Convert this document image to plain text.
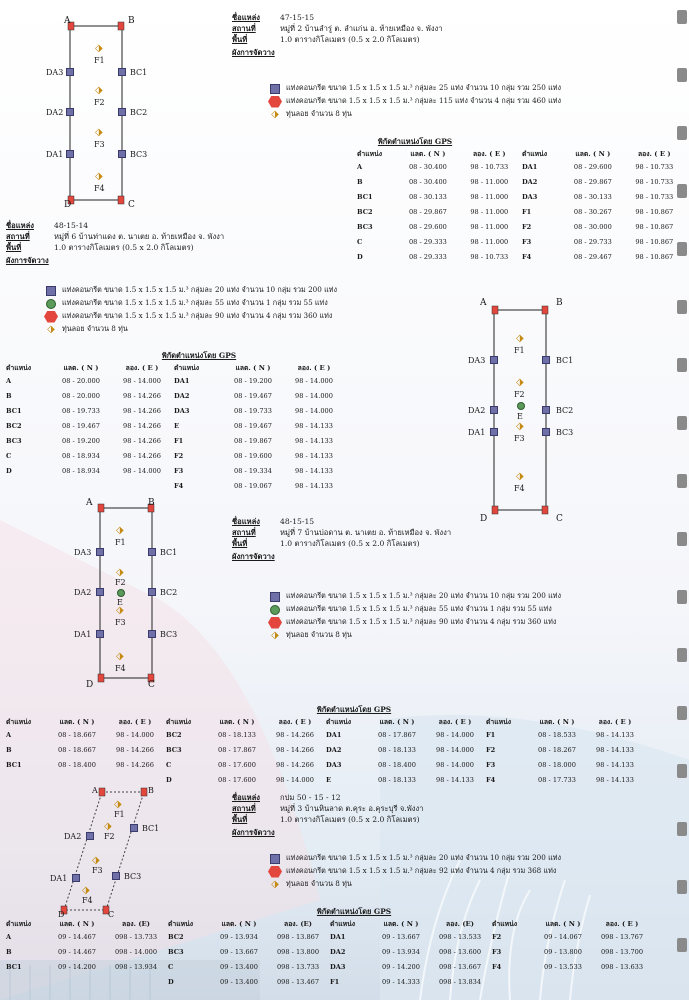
A	B
D	C
DA3
DA2
DA1
BC1
BC2
BC3
⬗
F1
⬗
F2
⬗
F3
⬗
F4
ชื่อแหล่ง	47-15-15
สถานที่	หมู่ที่ 2 บ้านลำรู่ ต. ลำแก่น อ. ท้ายเหมือง จ. พังงา
พื้นที่	1.0 ตารางกิโลเมตร (0.5 x 2.0 กิโลเมตร)
ผังการจัดวาง
แท่งคอนกรีต ขนาด 1.5 x 1.5 x 1.5 ม.³ กลุ่มละ 25 แท่ง จำนวน 10 กลุ่ม รวม 250 แท่ง
แท่งคอนกรีต ขนาด 1.5 x 1.5 x 1.5 ม.³ กลุ่มละ 115 แท่ง จำนวน 4 กลุ่ม รวม 460 แท่ง
⬗ ทุ่นลอย จำนวน 8 ทุ่น
พิกัดตำแหน่งโดย GPS
ตำแหน่ง	แลต. ( N )	ลอง. ( E )	ตำแหน่ง	แลต. ( N )	ลอง. ( E )
A	08 - 30.400	98 - 10.733	DA1	08 - 29.600	98 - 10.733
B	08 - 30.400	98 - 11.000	DA2	08 - 29.867	98 - 10.733
BC1	08 - 30.133	98 - 11.000	DA3	08 - 30.133	98 - 10.733
BC2	08 - 29.867	98 - 11.000	F1	08 - 30.267	98 - 10.867
BC3	08 - 29.600	98 - 11.000	F2	08 - 30.000	98 - 10.867
C	08 - 29.333	98 - 11.000	F3	08 - 29.733	98 - 10.867
D	08 - 29.333	98 - 10.733	F4	08 - 29.467	98 - 10.867
ชื่อแหล่ง	48-15-14
สถานที่	หมู่ที่ 6 บ้านท่าแดง ต. นาเตย อ. ท้ายเหมือง จ. พังงา
พื้นที่	1.0 ตารางกิโลเมตร (0.5 x 2.0 กิโลเมตร)
ผังการจัดวาง
แท่งคอนกรีต ขนาด 1.5 x 1.5 x 1.5 ม.³ กลุ่มละ 20 แท่ง จำนวน 10 กลุ่ม รวม 200 แท่ง
แท่งคอนกรีต ขนาด 1.5 x 1.5 x 1.5 ม.³ กลุ่มละ 55 แท่ง จำนวน 1 กลุ่ม รวม 55 แท่ง
แท่งคอนกรีต ขนาด 1.5 x 1.5 x 1.5 ม.³ กลุ่มละ 90 แท่ง จำนวน 4 กลุ่ม รวม 360 แท่ง
⬗ ทุ่นลอย จำนวน 8 ทุ่น
พิกัดตำแหน่งโดย GPS
ตำแหน่ง	แลต. ( N )	ลอง. ( E )	ตำแหน่ง	แลต. ( N )	ลอง. ( E )
A	08 - 20.000	98 - 14.000	DA1	08 - 19.200	98 - 14.000
B	08 - 20.000	98 - 14.266	DA2	08 - 19.467	98 - 14.000
BC1	08 - 19.733	98 - 14.266	DA3	08 - 19.733	98 - 14.000
BC2	08 - 19.467	98 - 14.266	E	08 - 19.467	98 - 14.133
BC3	08 - 19.200	98 - 14.266	F1	08 - 19.867	98 - 14.133
C	08 - 18.934	98 - 14.266	F2	08 - 19.600	98 - 14.133
D	08 - 18.934	98 - 14.000	F3	08 - 19.334	98 - 14.133
			F4	08 - 19.067	98 - 14.133
A	B
D	C
DA3
DA2
DA1
BC1
BC2
BC3
⬗
F1
⬗
F2
E
⬗
F3
⬗
F4
A	B
D	C
DA3
DA2
DA1
BC1
BC2
BC3
⬗
F1
⬗
F2
E
⬗
F3
⬗
F4
ชื่อแหล่ง	48-15-15
สถานที่	หมู่ที่ 7 บ้านบ่อดาน ต. นาเตย อ. ท้ายเหมือง จ. พังงา
พื้นที่	1.0 ตารางกิโลเมตร (0.5 x 2.0 กิโลเมตร)
ผังการจัดวาง
แท่งคอนกรีต ขนาด 1.5 x 1.5 x 1.5 ม.³ กลุ่มละ 20 แท่ง จำนวน 10 กลุ่ม รวม 200 แท่ง
แท่งคอนกรีต ขนาด 1.5 x 1.5 x 1.5 ม.³ กลุ่มละ 55 แท่ง จำนวน 1 กลุ่ม รวม 55 แท่ง
แท่งคอนกรีต ขนาด 1.5 x 1.5 x 1.5 ม.³ กลุ่มละ 90 แท่ง จำนวน 4 กลุ่ม รวม 360 แท่ง
⬗ ทุ่นลอย จำนวน 8 ทุ่น
พิกัดตำแหน่งโดย GPS
ตำแหน่ง	แลต. ( N )	ลอง. ( E )	ตำแหน่ง	แลต. ( N )	ลอง. ( E )	ตำแหน่ง	แลต. ( N )	ลอง. ( E )	ตำแหน่ง	แลต. ( N )	ลอง. ( E )
A	08 - 18.667	98 - 14.000	BC2	08 - 18.133	98 - 14.266	DA1	08 - 17.867	98 - 14.000	F1	08 - 18.533	98 - 14.133
B	08 - 18.667	98 - 14.266	BC3	08 - 17.867	98 - 14.266	DA2	08 - 18.133	98 - 14.000	F2	08 - 18.267	98 - 14.133
BC1	08 - 18.400	98 - 14.266	C	08 - 17.600	98 - 14.266	DA3	08 - 18.400	98 - 14.000	F3	08 - 18.000	98 - 14.133
			D	08 - 17.600	98 - 14.000	E	08 - 18.133	98 - 14.133	F4	08 - 17.733	98 - 14.133
A	B
D	C
BC1
BC3
DA2
DA1
⬗
F1
⬗
F2
⬗
F3
⬗
F4
ชื่อแหล่ง	กปม 50 - 15 - 12
สถานที่	หมู่ที่ 3 บ้านหินลาด ต.คุระ อ.คุระบุรี จ.พังงา
พื้นที่	1.0 ตารางกิโลเมตร (0.5 x 2.0 กิโลเมตร)
ผังการจัดวาง
แท่งคอนกรีต ขนาด 1.5 x 1.5 x 1.5 ม.³ กลุ่มละ 20 แท่ง จำนวน 10 กลุ่ม รวม 200 แท่ง
แท่งคอนกรีต ขนาด 1.5 x 1.5 x 1.5 ม.³ กลุ่มละ 92 แท่ง จำนวน 4 กลุ่ม รวม 368 แท่ง
⬗ ทุ่นลอย จำนวน 8 ทุ่น
พิกัดตำแหน่งโดย GPS
ตำแหน่ง	แลต. ( N )	ลอง. (E)	ตำแหน่ง	แลต. ( N )	ลอง. (E)	ตำแหน่ง	แลต. ( N )	ลอง. (E)	ตำแหน่ง	แลต. ( N )	ลอง. ( E )
A	09 - 14.467	098 - 13.733	BC2	09 - 13.934	098 - 13.867	DA1	09 - 13.667	098 - 13.533	F2	09 - 14.067	098 - 13.767
B	09 - 14.467	098 - 14.000	BC3	09 - 13.667	098 - 13.800	DA2	09 - 13.934	098 - 13.600	F3	09 - 13.800	098 - 13.700
BC1	09 - 14.200	098 - 13.934	C	09 - 13.400	098 - 13.733	DA3	09 - 14.200	098 - 13.667	F4	09 - 13.533	098 - 13.633
			D	09 - 13.400	098 - 13.467	F1	09 - 14.333	098 - 13.834			
